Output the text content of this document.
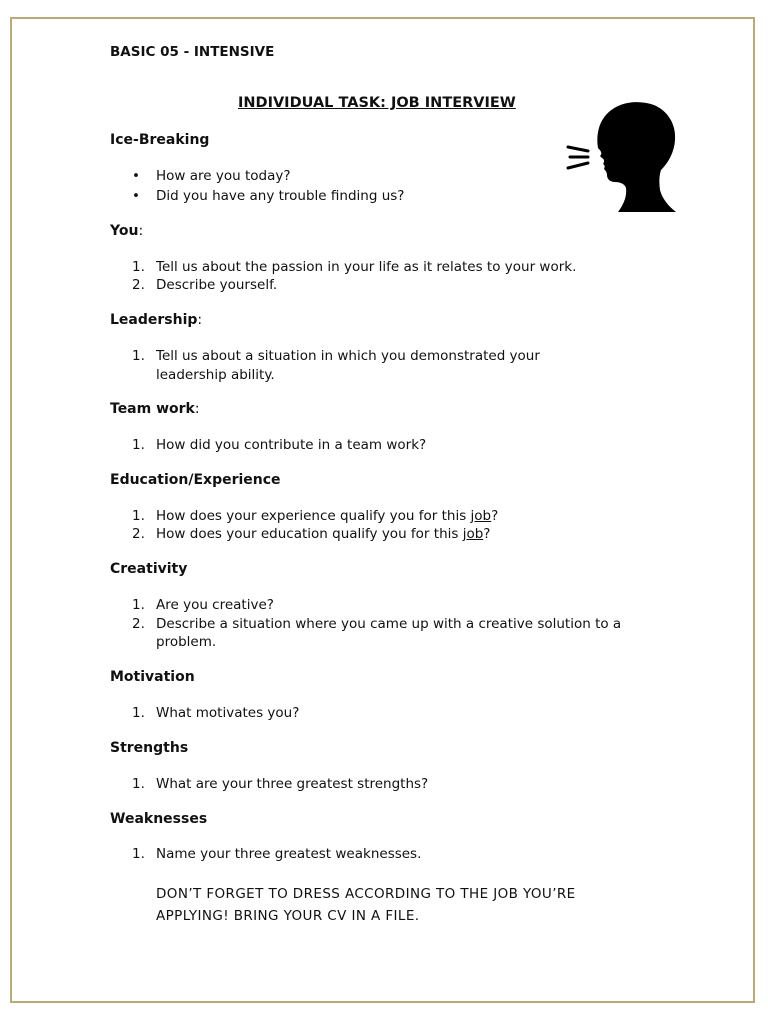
BASIC 05 - INTENSIVE
INDIVIDUAL TASK: JOB INTERVIEW
Ice-Breaking
• How are you today?
• Did you have any trouble finding us?
You:
1. Tell us about the passion in your life as it relates to your work.
2. Describe yourself.
Leadership:
1. Tell us about a situation in which you demonstrated your
leadership ability.
Team work:
1. How did you contribute in a team work?
Education/Experience
1. How does your experience qualify you for this job?
2. How does your education qualify you for this job?
Creativity
1. Are you creative?
2. Describe a situation where you came up with a creative solution to a
problem.
Motivation
1. What motivates you?
Strengths
1. What are your three greatest strengths?
Weaknesses
1. Name your three greatest weaknesses.
DON’T FORGET TO DRESS ACCORDING TO THE JOB YOU’RE
APPLYING! BRING YOUR CV IN A FILE.
